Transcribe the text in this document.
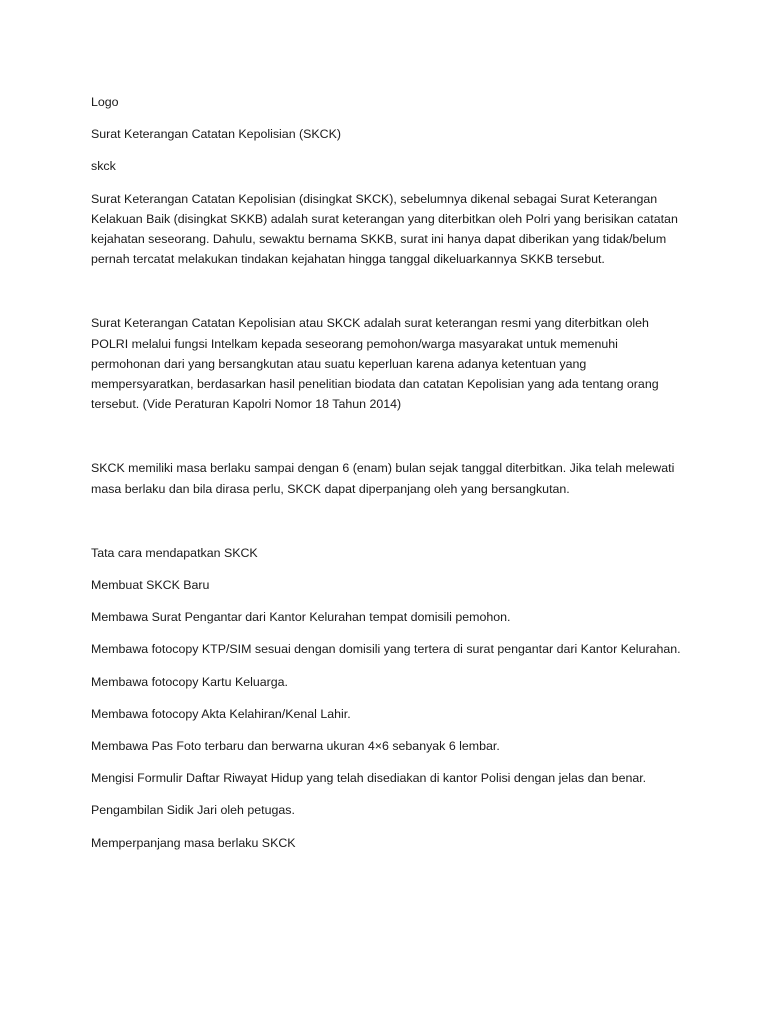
Logo

Surat Keterangan Catatan Kepolisian (SKCK)

skck

Surat Keterangan Catatan Kepolisian (disingkat SKCK), sebelumnya dikenal sebagai Surat Keterangan Kelakuan Baik (disingkat SKKB) adalah surat keterangan yang diterbitkan oleh Polri yang berisikan catatan kejahatan seseorang. Dahulu, sewaktu bernama SKKB, surat ini hanya dapat diberikan yang tidak/belum pernah tercatat melakukan tindakan kejahatan hingga tanggal dikeluarkannya SKKB tersebut.

Surat Keterangan Catatan Kepolisian atau SKCK adalah surat keterangan resmi yang diterbitkan oleh POLRI melalui fungsi Intelkam kepada seseorang pemohon/warga masyarakat untuk memenuhi permohonan dari yang bersangkutan atau suatu keperluan karena adanya ketentuan yang mempersyaratkan, berdasarkan hasil penelitian biodata dan catatan Kepolisian yang ada tentang orang tersebut. (Vide Peraturan Kapolri Nomor 18 Tahun 2014)

SKCK memiliki masa berlaku sampai dengan 6 (enam) bulan sejak tanggal diterbitkan. Jika telah melewati masa berlaku dan bila dirasa perlu, SKCK dapat diperpanjang oleh yang bersangkutan.

Tata cara mendapatkan SKCK

Membuat SKCK Baru

Membawa Surat Pengantar dari Kantor Kelurahan tempat domisili pemohon.

Membawa fotocopy KTP/SIM sesuai dengan domisili yang tertera di surat pengantar dari Kantor Kelurahan.

Membawa fotocopy Kartu Keluarga.

Membawa fotocopy Akta Kelahiran/Kenal Lahir.

Membawa Pas Foto terbaru dan berwarna ukuran 4×6 sebanyak 6 lembar.

Mengisi Formulir Daftar Riwayat Hidup yang telah disediakan di kantor Polisi dengan jelas dan benar.

Pengambilan Sidik Jari oleh petugas.

Memperpanjang masa berlaku SKCK
